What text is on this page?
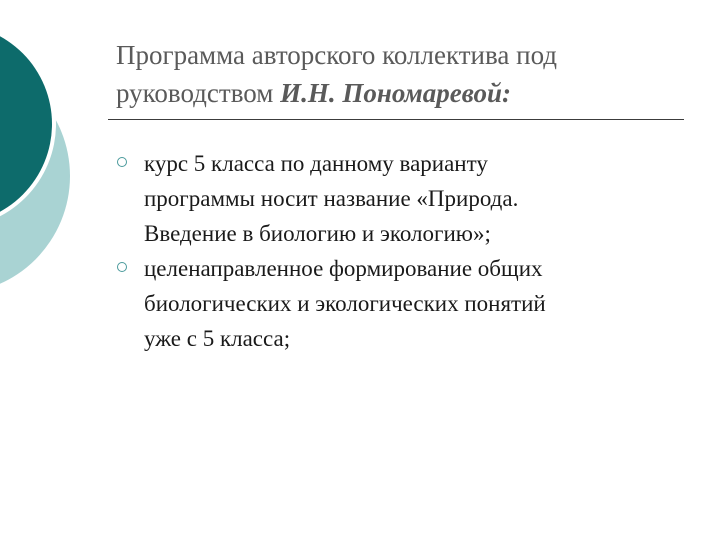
Программа авторского коллектива под
руководством И.Н. Пономаревой:
курс 5 класса по данному варианту
программы носит название «Природа.
Введение в биологию и экологию»;
целенаправленное формирование общих
биологических и экологических понятий
уже с 5 класса;
